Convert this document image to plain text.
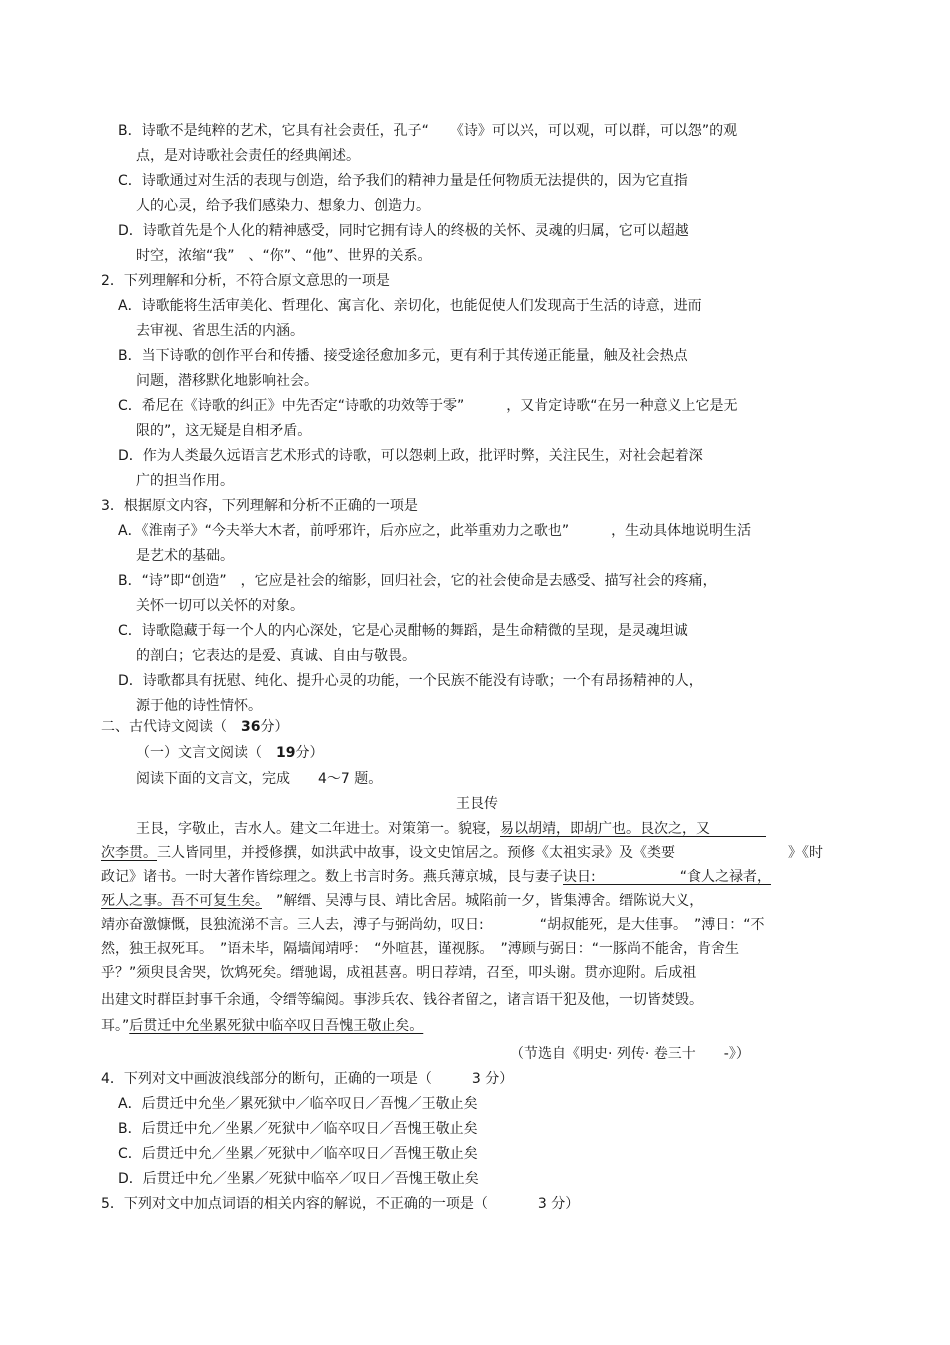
B．诗歌不是纯粹的艺术，它具有社会责任，孔子“　　《诗》可以兴，可以观，可以群，可以怨”的观
点，是对诗歌社会责任的经典阐述。
C．诗歌通过对生活的表现与创造，给予我们的精神力量是任何物质无法提供的，因为它直指
人的心灵，给予我们感染力、想象力、创造力。
D．诗歌首先是个人化的精神感受，同时它拥有诗人的终极的关怀、灵魂的归属，它可以超越
时空，浓缩“我”　、“你”、“他”、世界的关系。
2．下列理解和分析，不符合原文意思的一项是
A．诗歌能将生活审美化、哲理化、寓言化、亲切化，也能促使人们发现高于生活的诗意，进而
去审视、省思生活的内涵。
B．当下诗歌的创作平台和传播、接受途径愈加多元，更有利于其传递正能量，触及社会热点
问题，潜移默化地影响社会。
C．希尼在《诗歌的纠正》中先否定“诗歌的功效等于零”　　　，又肯定诗歌“在另一种意义上它是无
限的”，这无疑是自相矛盾。
D．作为人类最久远语言艺术形式的诗歌，可以怨刺上政，批评时弊，关注民生，对社会起着深
广的担当作用。
3．根据原文内容，下列理解和分析不正确的一项是
A．《淮南子》“今夫举大木者，前呼邪许，后亦应之，此举重劝力之歌也”　　　，生动具体地说明生活
是艺术的基础。
B．“诗”即“创造”　，它应是社会的缩影，回归社会，它的社会使命是去感受、描写社会的疼痛，
关怀一切可以关怀的对象。
C．诗歌隐藏于每一个人的内心深处，它是心灵酣畅的舞蹈，是生命精微的呈现，是灵魂坦诚
的剖白；它表达的是爱、真诚、自由与敬畏。
D．诗歌都具有抚慰、纯化、提升心灵的功能，一个民族不能没有诗歌；一个有昂扬精神的人，
源于他的诗性情怀。
二、古代诗文阅读（　36分）
（一）文言文阅读（　19分）
阅读下面的文言文，完成　　4～7 题。
王艮传
王艮，字敬止，吉水人。建文二年进士。对策第一。貌寝，易以胡靖，即胡广也。艮次之，又　　　　
次李贯。三人皆同里，并授修撰，如洪武中故事，设文史馆居之。预修《太祖实录》及《类要	》《时
政记》诸书。一时大著作皆综理之。数上书言时务。燕兵薄京城，艮与妻子诀日:　　　　　　“食人之禄者，
死人之事。吾不可复生矣。　”解缙、吴溥与艮、靖比舍居。城陷前一夕，皆集溥舍。缙陈说大义，
靖亦奋激慷慨，艮独流涕不言。三人去，溥子与弼尚幼，叹日:　　　　“胡叔能死，是大佳事。　”溥日：“不
然，独王叔死耳。　”语未毕，隔墙闻靖呼：　“外喧甚，谨视豚。　”溥顾与弼日：“一豚尚不能舍，肯舍生
乎？”须臾艮舍哭，饮鸩死矣。缙驰谒，成祖甚喜。明日荐靖，召至，叩头谢。贯亦迎附。后成祖
出建文时群臣封事千余通，令缙等编阅。事涉兵农、钱谷者留之，诸言语干犯及他，一切皆焚毁。
耳。”后贯迁中允坐累死狱中临卒叹日吾愧王敬止矣。
（节选自《明史· 列传· 卷三十　　-》）
4．下列对文中画波浪线部分的断句，正确的一项是（	3 分）
A．后贯迁中允坐／累死狱中／临卒叹日／吾愧／王敬止矣
B．后贯迁中允／坐累／死狱中／临卒叹日／吾愧王敬止矣
C．后贯迁中允／坐累／死狱中／临卒叹日／吾愧王敬止矣
D．后贯迁中允／坐累／死狱中临卒／叹日／吾愧王敬止矣
5．下列对文中加点词语的相关内容的解说，不正确的一项是（	3 分）
